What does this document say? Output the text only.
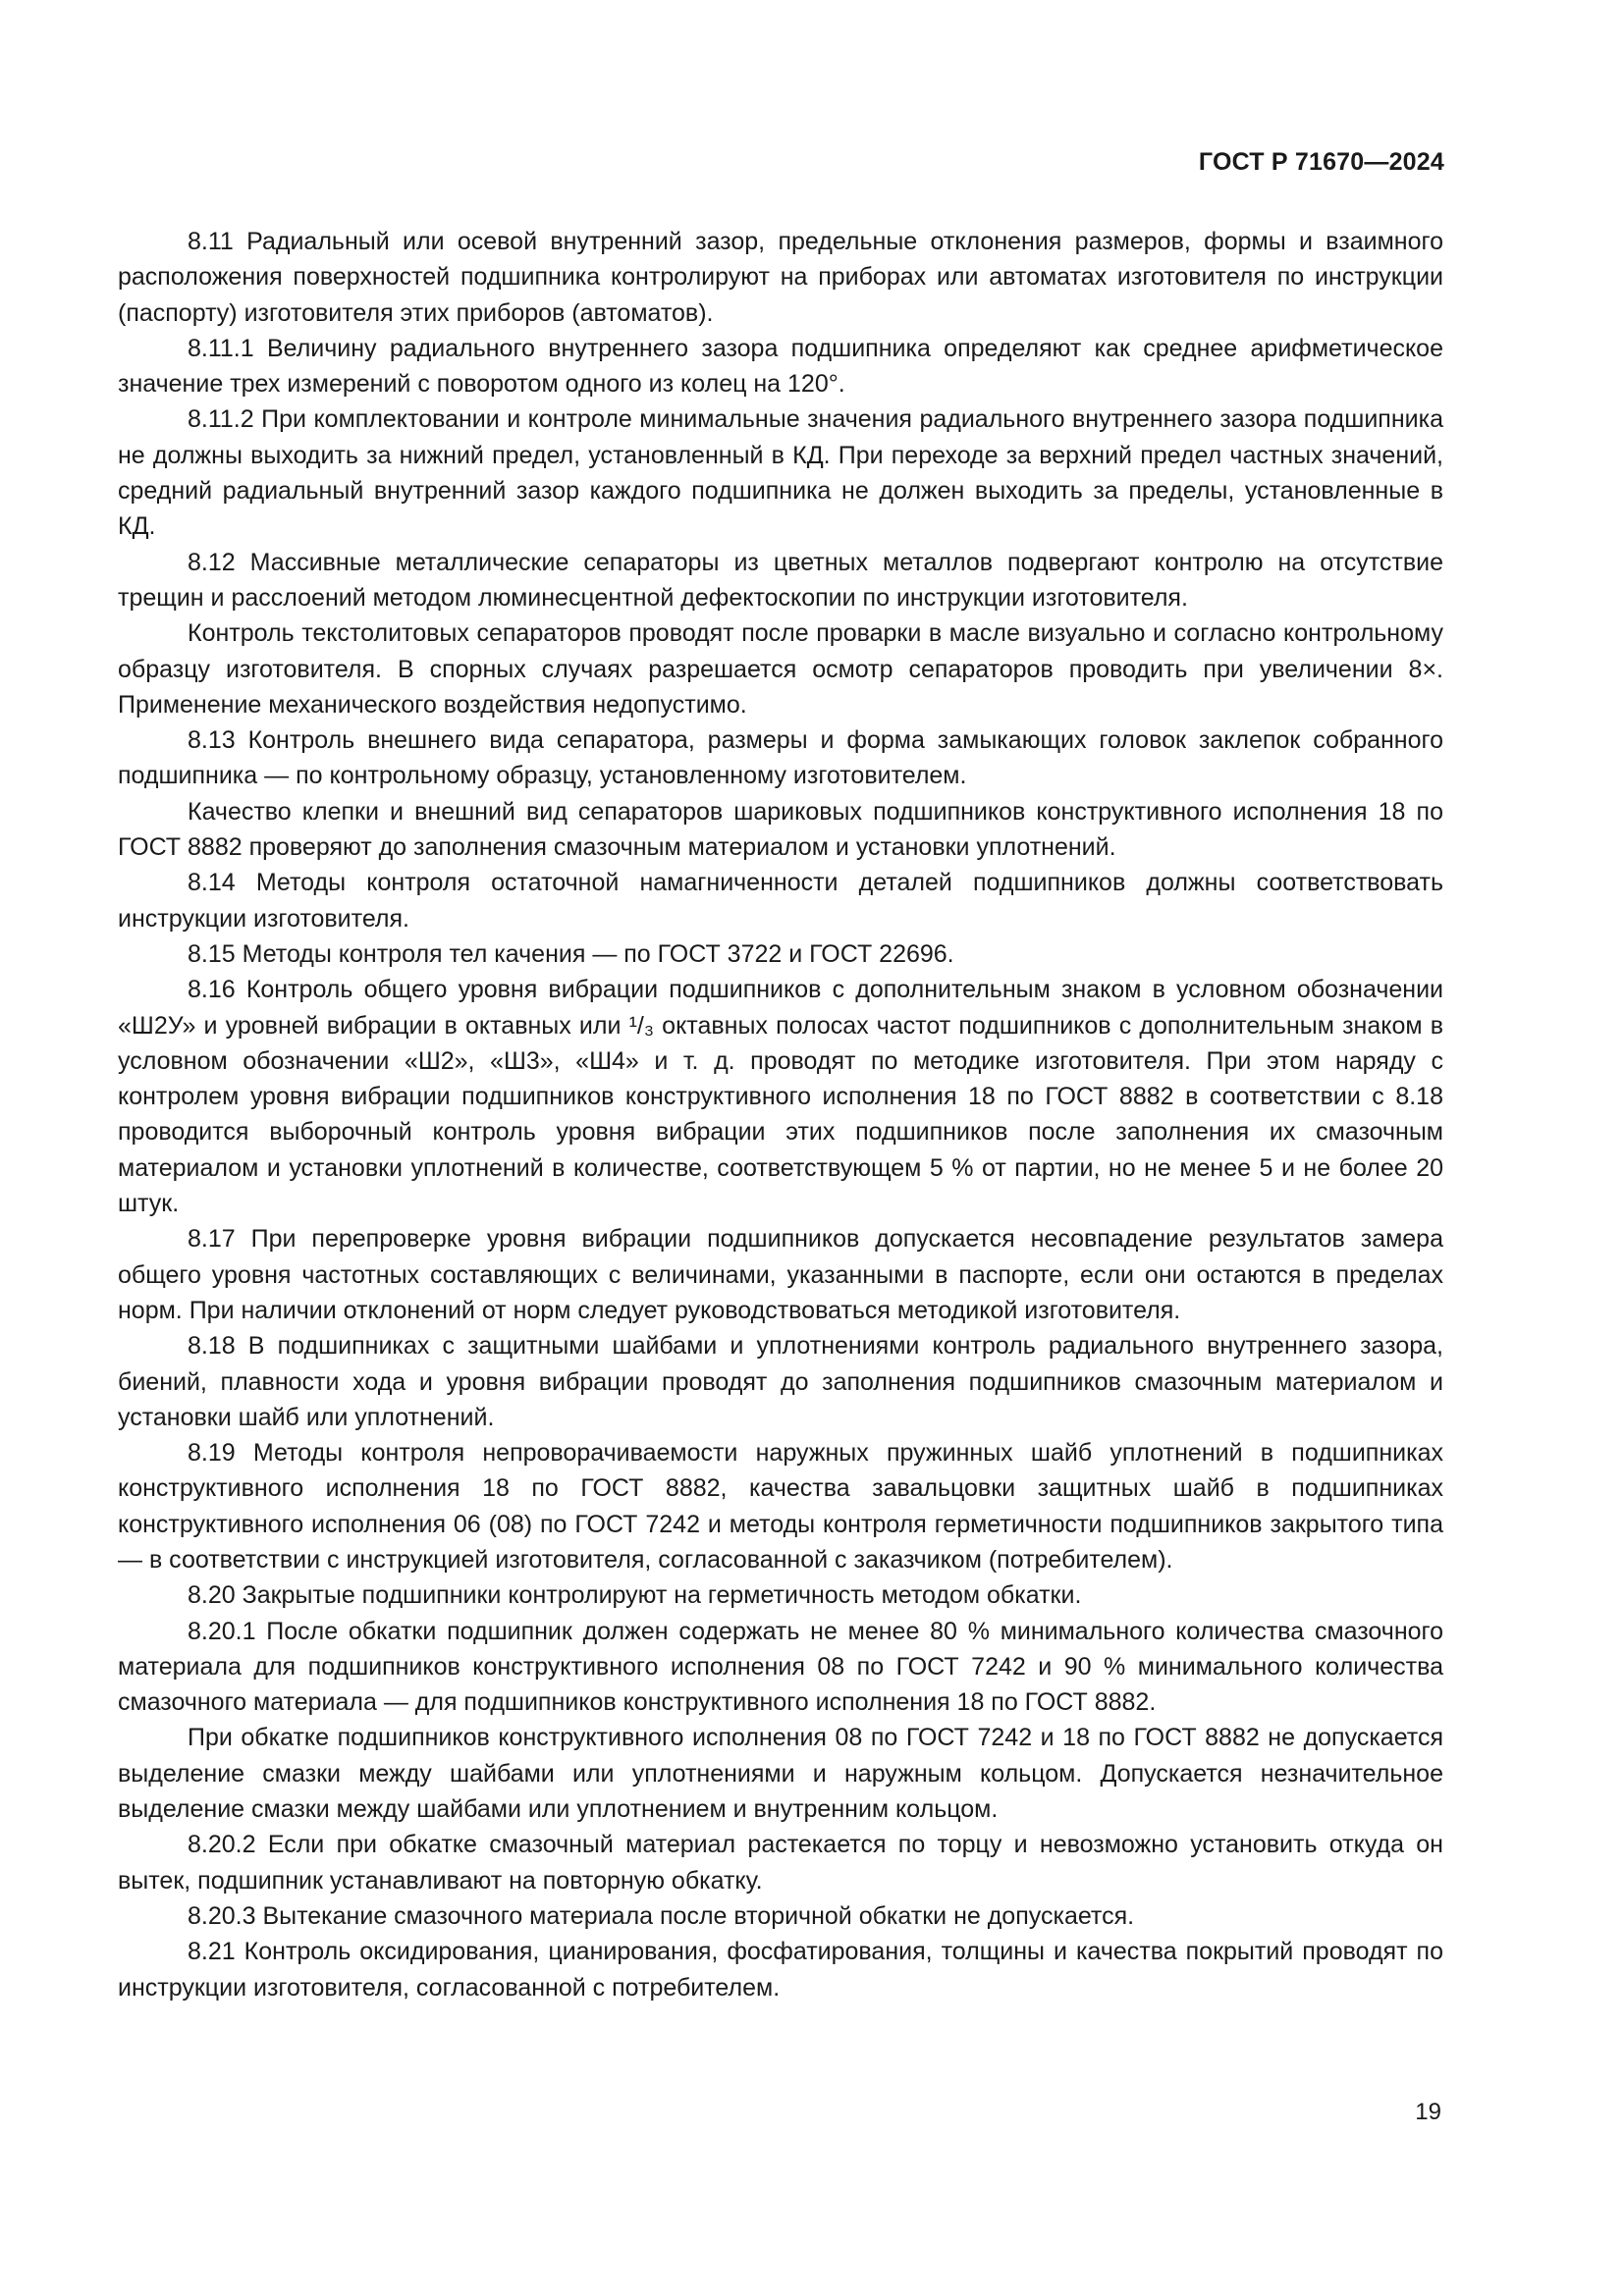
ГОСТ Р 71670—2024

8.11 Радиальный или осевой внутренний зазор, предельные отклонения размеров, формы и взаимного расположения поверхностей подшипника контролируют на приборах или автоматах изготовителя по инструкции (паспорту) изготовителя этих приборов (автоматов).

8.11.1 Величину радиального внутреннего зазора подшипника определяют как среднее арифметическое значение трех измерений с поворотом одного из колец на 120°.

8.11.2 При комплектовании и контроле минимальные значения радиального внутреннего зазора подшипника не должны выходить за нижний предел, установленный в КД. При переходе за верхний предел частных значений, средний радиальный внутренний зазор каждого подшипника не должен выходить за пределы, установленные в КД.

8.12 Массивные металлические сепараторы из цветных металлов подвергают контролю на отсутствие трещин и расслоений методом люминесцентной дефектоскопии по инструкции изготовителя.

Контроль текстолитовых сепараторов проводят после проварки в масле визуально и согласно контрольному образцу изготовителя. В спорных случаях разрешается осмотр сепараторов проводить при увеличении 8×. Применение механического воздействия недопустимо.

8.13 Контроль внешнего вида сепаратора, размеры и форма замыкающих головок заклепок собранного подшипника — по контрольному образцу, установленному изготовителем.

Качество клепки и внешний вид сепараторов шариковых подшипников конструктивного исполнения 18 по ГОСТ 8882 проверяют до заполнения смазочным материалом и установки уплотнений.

8.14 Методы контроля остаточной намагниченности деталей подшипников должны соответствовать инструкции изготовителя.

8.15 Методы контроля тел качения — по ГОСТ 3722 и ГОСТ 22696.

8.16 Контроль общего уровня вибрации подшипников с дополнительным знаком в условном обозначении «Ш2У» и уровней вибрации в октавных или ¹/₃ октавных полосах частот подшипников с дополнительным знаком в условном обозначении «Ш2», «Ш3», «Ш4» и т. д. проводят по методике изготовителя. При этом наряду с контролем уровня вибрации подшипников конструктивного исполнения 18 по ГОСТ 8882 в соответствии с 8.18 проводится выборочный контроль уровня вибрации этих подшипников после заполнения их смазочным материалом и установки уплотнений в количестве, соответствующем 5 % от партии, но не менее 5 и не более 20 штук.

8.17 При перепроверке уровня вибрации подшипников допускается несовпадение результатов замера общего уровня частотных составляющих с величинами, указанными в паспорте, если они остаются в пределах норм. При наличии отклонений от норм следует руководствоваться методикой изготовителя.

8.18 В подшипниках с защитными шайбами и уплотнениями контроль радиального внутреннего зазора, биений, плавности хода и уровня вибрации проводят до заполнения подшипников смазочным материалом и установки шайб или уплотнений.

8.19 Методы контроля непроворачиваемости наружных пружинных шайб уплотнений в подшипниках конструктивного исполнения 18 по ГОСТ 8882, качества завальцовки защитных шайб в подшипниках конструктивного исполнения 06 (08) по ГОСТ 7242 и методы контроля герметичности подшипников закрытого типа — в соответствии с инструкцией изготовителя, согласованной с заказчиком (потребителем).

8.20 Закрытые подшипники контролируют на герметичность методом обкатки.

8.20.1 После обкатки подшипник должен содержать не менее 80 % минимального количества смазочного материала для подшипников конструктивного исполнения 08 по ГОСТ 7242 и 90 % минимального количества смазочного материала — для подшипников конструктивного исполнения 18 по ГОСТ 8882.

При обкатке подшипников конструктивного исполнения 08 по ГОСТ 7242 и 18 по ГОСТ 8882 не допускается выделение смазки между шайбами или уплотнениями и наружным кольцом. Допускается незначительное выделение смазки между шайбами или уплотнением и внутренним кольцом.

8.20.2 Если при обкатке смазочный материал растекается по торцу и невозможно установить откуда он вытек, подшипник устанавливают на повторную обкатку.

8.20.3 Вытекание смазочного материала после вторичной обкатки не допускается.

8.21 Контроль оксидирования, цианирования, фосфатирования, толщины и качества покрытий проводят по инструкции изготовителя, согласованной с потребителем.

19
